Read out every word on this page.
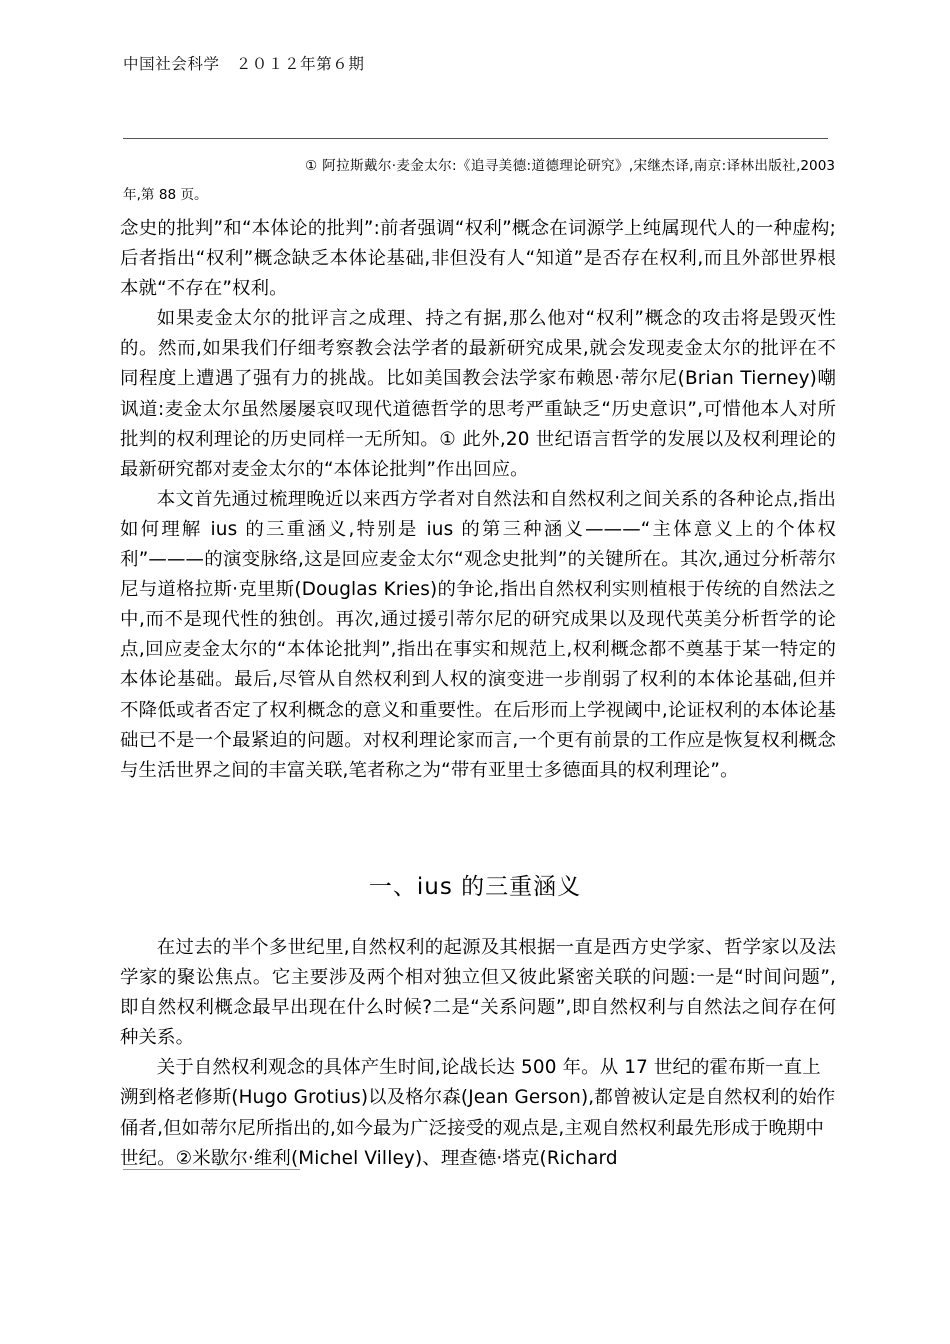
中国社会科学　２０１２年第６期

① 阿拉斯戴尔·麦金太尔:《追寻美德:道德理论研究》,宋继杰译,南京:译林出版社,2003 年,第 88 页。

念史的批判”和“本体论的批判”:前者强调“权利”概念在词源学上纯属现代人的一种虚构;后者指出“权利”概念缺乏本体论基础,非但没有人“知道”是否存在权利,而且外部世界根本就“不存在”权利。

如果麦金太尔的批评言之成理、持之有据,那么他对“权利”概念的攻击将是毁灭性的。然而,如果我们仔细考察教会法学者的最新研究成果,就会发现麦金太尔的批评在不同程度上遭遇了强有力的挑战。比如美国教会法学家布赖恩·蒂尔尼(Brian Tierney)嘲讽道:麦金太尔虽然屡屡哀叹现代道德哲学的思考严重缺乏“历史意识”,可惜他本人对所批判的权利理论的历史同样一无所知。① 此外,20 世纪语言哲学的发展以及权利理论的最新研究都对麦金太尔的“本体论批判”作出回应。

本文首先通过梳理晚近以来西方学者对自然法和自然权利之间关系的各种论点,指出如何理解 ius 的三重涵义,特别是 ius 的第三种涵义———“主体意义上的个体权利”———的演变脉络,这是回应麦金太尔“观念史批判”的关键所在。其次,通过分析蒂尔尼与道格拉斯·克里斯(Douglas Kries)的争论,指出自然权利实则植根于传统的自然法之中,而不是现代性的独创。再次,通过援引蒂尔尼的研究成果以及现代英美分析哲学的论点,回应麦金太尔的“本体论批判”,指出在事实和规范上,权利概念都不奠基于某一特定的本体论基础。最后,尽管从自然权利到人权的演变进一步削弱了权利的本体论基础,但并不降低或者否定了权利概念的意义和重要性。在后形而上学视阈中,论证权利的本体论基础已不是一个最紧迫的问题。对权利理论家而言,一个更有前景的工作应是恢复权利概念与生活世界之间的丰富关联,笔者称之为“带有亚里士多德面具的权利理论”。

一、ius 的三重涵义

在过去的半个多世纪里,自然权利的起源及其根据一直是西方史学家、哲学家以及法学家的聚讼焦点。它主要涉及两个相对独立但又彼此紧密关联的问题:一是“时间问题”,即自然权利概念最早出现在什么时候?二是“关系问题”,即自然权利与自然法之间存在何种关系。

关于自然权利观念的具体产生时间,论战长达 500 年。从 17 世纪的霍布斯一直上溯到格老修斯(Hugo Grotius)以及格尔森(Jean Gerson),都曾被认定是自然权利的始作俑者,但如蒂尔尼所指出的,如今最为广泛接受的观点是,主观自然权利最先形成于晚期中世纪。②米歇尔·维利(Michel Villey)、理查德·塔克(Richard
